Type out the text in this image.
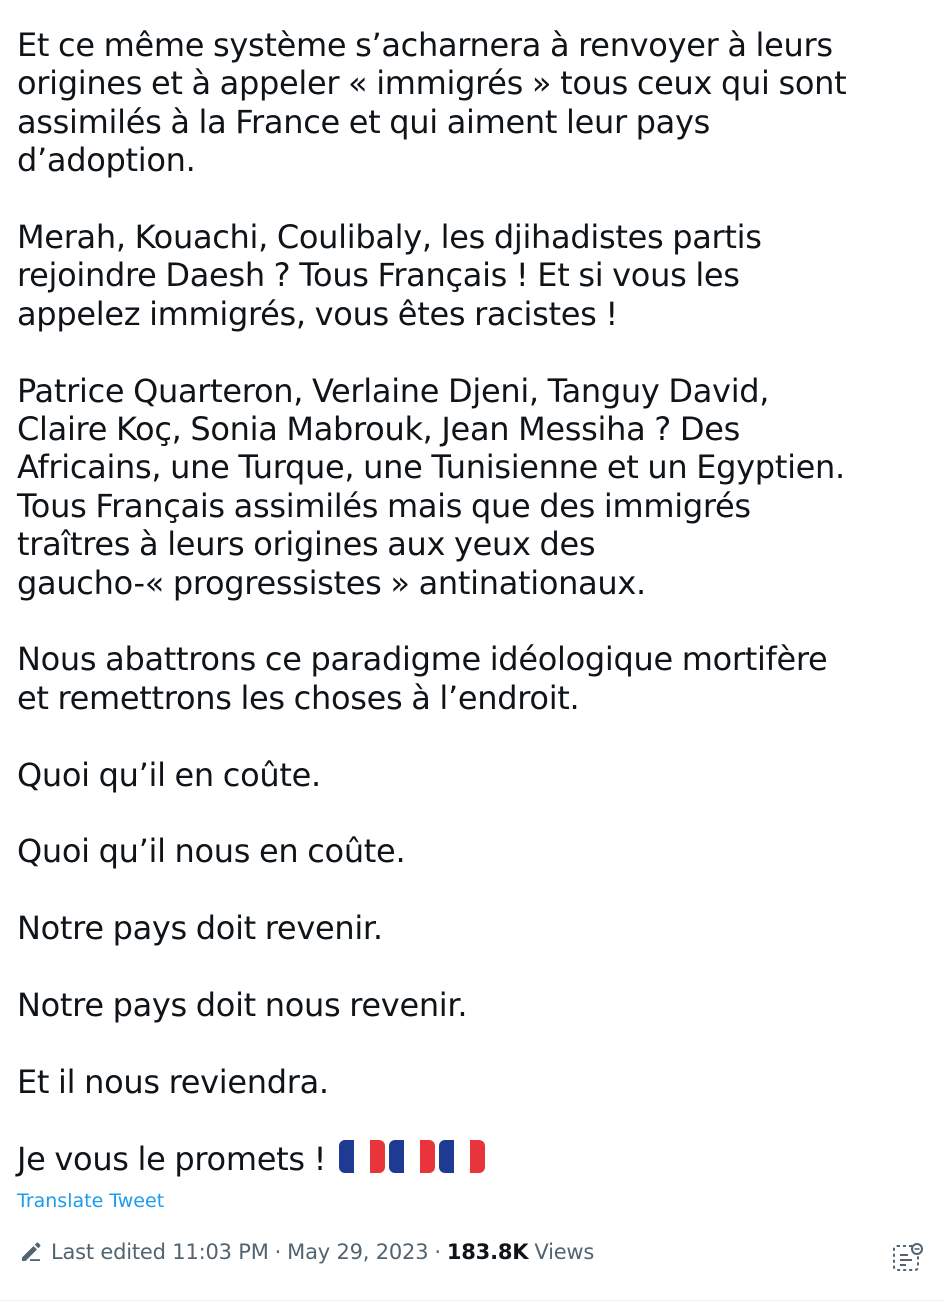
Et ce même système s’acharnera à renvoyer à leurs
origines et à appeler « immigrés » tous ceux qui sont
assimilés à la France et qui aiment leur pays
d’adoption.

Merah, Kouachi, Coulibaly, les djihadistes partis
rejoindre Daesh ? Tous Français ! Et si vous les
appelez immigrés, vous êtes racistes !

Patrice Quarteron, Verlaine Djeni, Tanguy David,
Claire Koç, Sonia Mabrouk, Jean Messiha ? Des
Africains, une Turque, une Tunisienne et un Egyptien.
Tous Français assimilés mais que des immigrés
traîtres à leurs origines aux yeux des
gaucho-« progressistes » antinationaux.

Nous abattrons ce paradigme idéologique mortifère
et remettrons les choses à l’endroit.

Quoi qu’il en coûte.

Quoi qu’il nous en coûte.

Notre pays doit revenir.

Notre pays doit nous revenir.

Et il nous reviendra.

Je vous le promets !

Translate Tweet
Last edited
11:03 PM · May 29, 2023 · 183.8K Views
